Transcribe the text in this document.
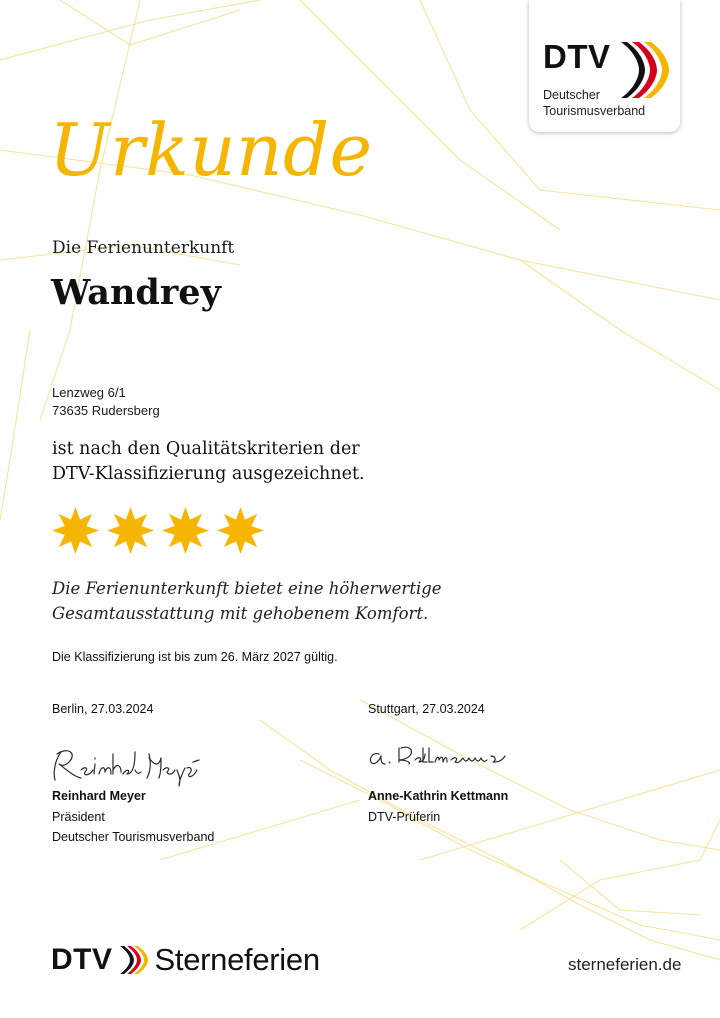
DTV
Deutscher
Tourismusverband
Urkunde
Die Ferienunterkunft
Wandrey
Lenzweg 6/1
73635 Rudersberg
ist nach den Qualitätskriterien der
DTV-Klassifizierung ausgezeichnet.
Die Ferienunterkunft bietet eine höherwertige
Gesamtausstattung mit gehobenem Komfort.
Die Klassifizierung ist bis zum 26. März 2027 gültig.
Berlin, 27.03.2024	Stuttgart, 27.03.2024
Reinhard Meyer
Präsident
Deutscher Tourismusverband
Anne-Kathrin Kettmann
DTV-Prüferin
DTV Sterneferien	sterneferien.de
